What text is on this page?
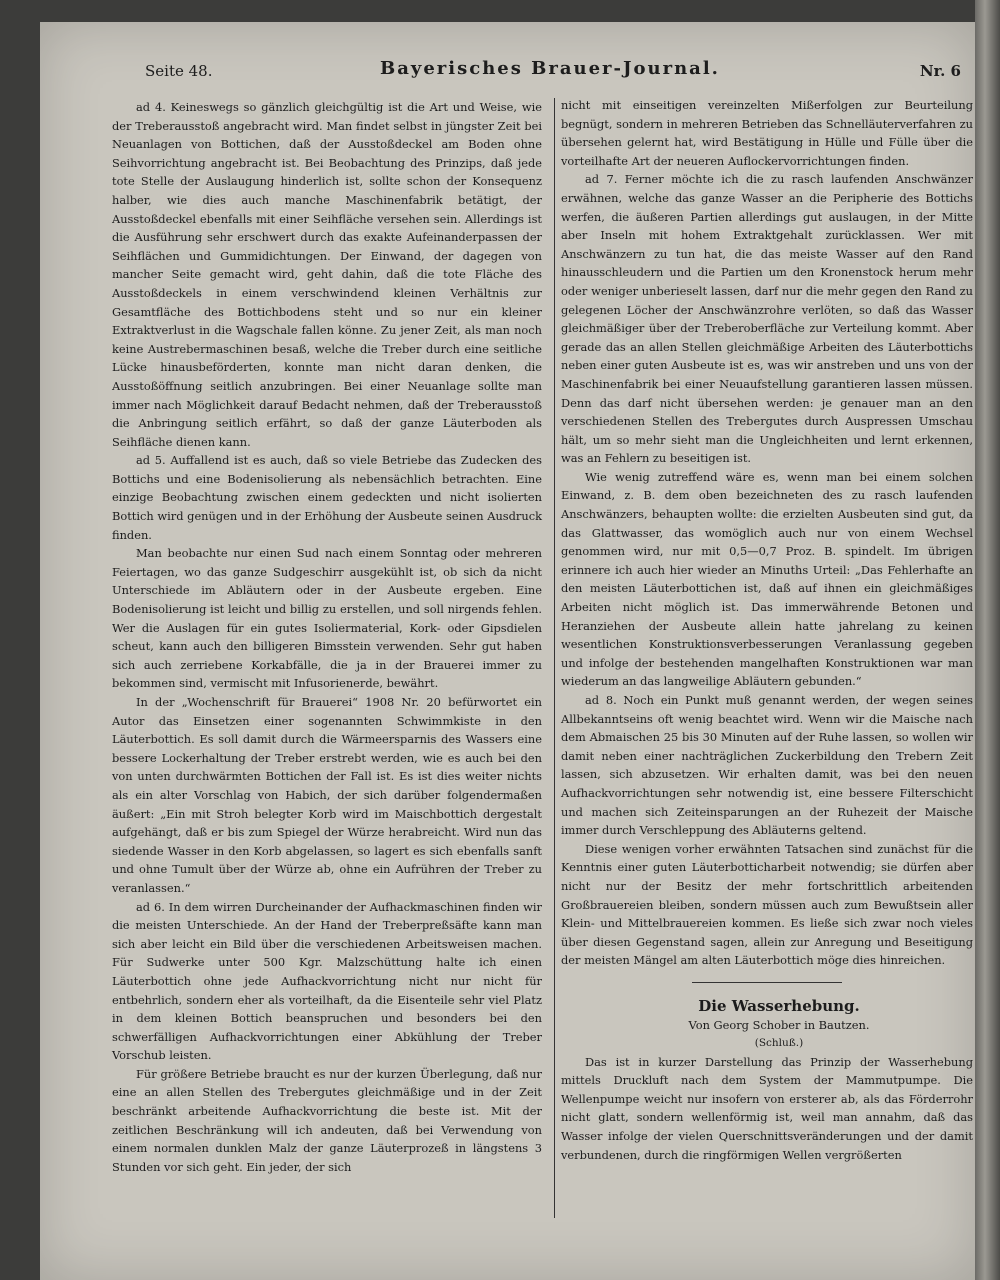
Seite 48.	Bayerisches Brauer-Journal.	Nr. 6

ad 4. Keineswegs so gänzlich gleichgültig ist die Art und Weise, wie der Treberausstoß angebracht wird. Man findet selbst in jüngster Zeit bei Neuanlagen von Bottichen, daß der Ausstoßdeckel am Boden ohne Seihvorrichtung angebracht ist. Bei Beobachtung des Prinzips, daß jede tote Stelle der Auslaugung hinderlich ist, sollte schon der Konsequenz halber, wie dies auch manche Maschinenfabrik betätigt, der Ausstoßdeckel ebenfalls mit einer Seihfläche versehen sein. Allerdings ist die Ausführung sehr erschwert durch das exakte Aufeinanderpassen der Seihflächen und Gummidichtungen. Der Einwand, der dagegen von mancher Seite gemacht wird, geht dahin, daß die tote Fläche des Ausstoßdeckels in einem verschwindend kleinen Verhältnis zur Gesamtfläche des Bottichbodens steht und so nur ein kleiner Extraktverlust in die Wagschale fallen könne. Zu jener Zeit, als man noch keine Austrebermaschinen besaß, welche die Treber durch eine seitliche Lücke hinausbeförderten, konnte man nicht daran denken, die Ausstoßöffnung seitlich anzubringen. Bei einer Neuanlage sollte man immer nach Möglichkeit darauf Bedacht nehmen, daß der Treberausstoß die Anbringung seitlich erfährt, so daß der ganze Läuterboden als Seihfläche dienen kann.

ad 5. Auffallend ist es auch, daß so viele Betriebe das Zudecken des Bottichs und eine Bodenisolierung als nebensächlich betrachten. Eine einzige Beobachtung zwischen einem gedeckten und nicht isolierten Bottich wird genügen und in der Erhöhung der Ausbeute seinen Ausdruck finden.

Man beobachte nur einen Sud nach einem Sonntag oder mehreren Feiertagen, wo das ganze Sudgeschirr ausgekühlt ist, ob sich da nicht Unterschiede im Abläutern oder in der Ausbeute ergeben. Eine Bodenisolierung ist leicht und billig zu erstellen, und soll nirgends fehlen. Wer die Auslagen für ein gutes Isoliermaterial, Kork- oder Gipsdielen scheut, kann auch den billigeren Bimsstein verwenden. Sehr gut haben sich auch zerriebene Korkabfälle, die ja in der Brauerei immer zu bekommen sind, vermischt mit Infusorienerde, bewährt.

In der „Wochenschrift für Brauerei“ 1908 Nr. 20 befürwortet ein Autor das Einsetzen einer sogenannten Schwimmkiste in den Läuterbottich. Es soll damit durch die Wärmeersparnis des Wassers eine bessere Lockerhaltung der Treber erstrebt werden, wie es auch bei den von unten durchwärmten Bottichen der Fall ist. Es ist dies weiter nichts als ein alter Vorschlag von Habich, der sich darüber folgendermaßen äußert: „Ein mit Stroh belegter Korb wird im Maischbottich dergestalt aufgehängt, daß er bis zum Spiegel der Würze herabreicht. Wird nun das siedende Wasser in den Korb abgelassen, so lagert es sich ebenfalls sanft und ohne Tumult über der Würze ab, ohne ein Aufrühren der Treber zu veranlassen.“

ad 6. In dem wirren Durcheinander der Aufhackmaschinen finden wir die meisten Unterschiede. An der Hand der Treberpreßsäfte kann man sich aber leicht ein Bild über die verschiedenen Arbeitsweisen machen. Für Sudwerke unter 500 Kgr. Malzschüttung halte ich einen Läuterbottich ohne jede Aufhackvorrichtung nicht nur nicht für entbehrlich, sondern eher als vorteilhaft, da die Eisenteile sehr viel Platz in dem kleinen Bottich beanspruchen und besonders bei den schwerfälligen Aufhackvorrichtungen einer Abkühlung der Treber Vorschub leisten.

Für größere Betriebe braucht es nur der kurzen Überlegung, daß nur eine an allen Stellen des Trebergutes gleichmäßige und in der Zeit beschränkt arbeitende Aufhackvorrichtung die beste ist. Mit der zeitlichen Beschränkung will ich andeuten, daß bei Verwendung von einem normalen dunklen Malz der ganze Läuterprozeß in längstens 3 Stunden vor sich geht. Ein jeder, der sich

nicht mit einseitigen vereinzelten Mißerfolgen zur Beurteilung begnügt, sondern in mehreren Betrieben das Schnelläuterverfahren zu übersehen gelernt hat, wird Bestätigung in Hülle und Fülle über die vorteilhafte Art der neueren Auflockervorrichtungen finden.

ad 7. Ferner möchte ich die zu rasch laufenden Anschwänzer erwähnen, welche das ganze Wasser an die Peripherie des Bottichs werfen, die äußeren Partien allerdings gut auslaugen, in der Mitte aber Inseln mit hohem Extraktgehalt zurücklassen. Wer mit Anschwänzern zu tun hat, die das meiste Wasser auf den Rand hinausschleudern und die Partien um den Kronenstock herum mehr oder weniger unberieselt lassen, darf nur die mehr gegen den Rand zu gelegenen Löcher der Anschwänzrohre verlöten, so daß das Wasser gleichmäßiger über der Treberoberfläche zur Verteilung kommt. Aber gerade das an allen Stellen gleichmäßige Arbeiten des Läuterbottichs neben einer guten Ausbeute ist es, was wir anstreben und uns von der Maschinenfabrik bei einer Neuaufstellung garantieren lassen müssen. Denn das darf nicht übersehen werden: je genauer man an den verschiedenen Stellen des Trebergutes durch Auspressen Umschau hält, um so mehr sieht man die Ungleichheiten und lernt erkennen, was an Fehlern zu beseitigen ist.

Wie wenig zutreffend wäre es, wenn man bei einem solchen Einwand, z. B. dem oben bezeichneten des zu rasch laufenden Anschwänzers, behaupten wollte: die erzielten Ausbeuten sind gut, da das Glattwasser, das womöglich auch nur von einem Wechsel genommen wird, nur mit 0,5—0,7 Proz. B. spindelt. Im übrigen erinnere ich auch hier wieder an Minuths Urteil: „Das Fehlerhafte an den meisten Läuterbottichen ist, daß auf ihnen ein gleichmäßiges Arbeiten nicht möglich ist. Das immerwährende Betonen und Heranziehen der Ausbeute allein hatte jahrelang zu keinen wesentlichen Konstruktionsverbesserungen Veranlassung gegeben und infolge der bestehenden mangelhaften Konstruktionen war man wiederum an das langweilige Abläutern gebunden.“

ad 8. Noch ein Punkt muß genannt werden, der wegen seines Allbekanntseins oft wenig beachtet wird. Wenn wir die Maische nach dem Abmaischen 25 bis 30 Minuten auf der Ruhe lassen, so wollen wir damit neben einer nachträglichen Zuckerbildung den Trebern Zeit lassen, sich abzusetzen. Wir erhalten damit, was bei den neuen Aufhackvorrichtungen sehr notwendig ist, eine bessere Filterschicht und machen sich Zeiteinsparungen an der Ruhezeit der Maische immer durch Verschleppung des Abläuterns geltend.

Diese wenigen vorher erwähnten Tatsachen sind zunächst für die Kenntnis einer guten Läuterbotticharbeit notwendig; sie dürfen aber nicht nur der Besitz der mehr fortschrittlich arbeitenden Großbrauereien bleiben, sondern müssen auch zum Bewußtsein aller Klein- und Mittelbrauereien kommen. Es ließe sich zwar noch vieles über diesen Gegenstand sagen, allein zur Anregung und Beseitigung der meisten Mängel am alten Läuterbottich möge dies hinreichen.

Die Wasserhebung.

Von Georg Schober in Bautzen.

(Schluß.)

Das ist in kurzer Darstellung das Prinzip der Wasserhebung mittels Druckluft nach dem System der Mammutpumpe. Die Wellenpumpe weicht nur insofern von ersterer ab, als das Förderrohr nicht glatt, sondern wellenförmig ist, weil man annahm, daß das Wasser infolge der vielen Querschnittsveränderungen und der damit verbundenen, durch die ringförmigen Wellen vergrößerten
